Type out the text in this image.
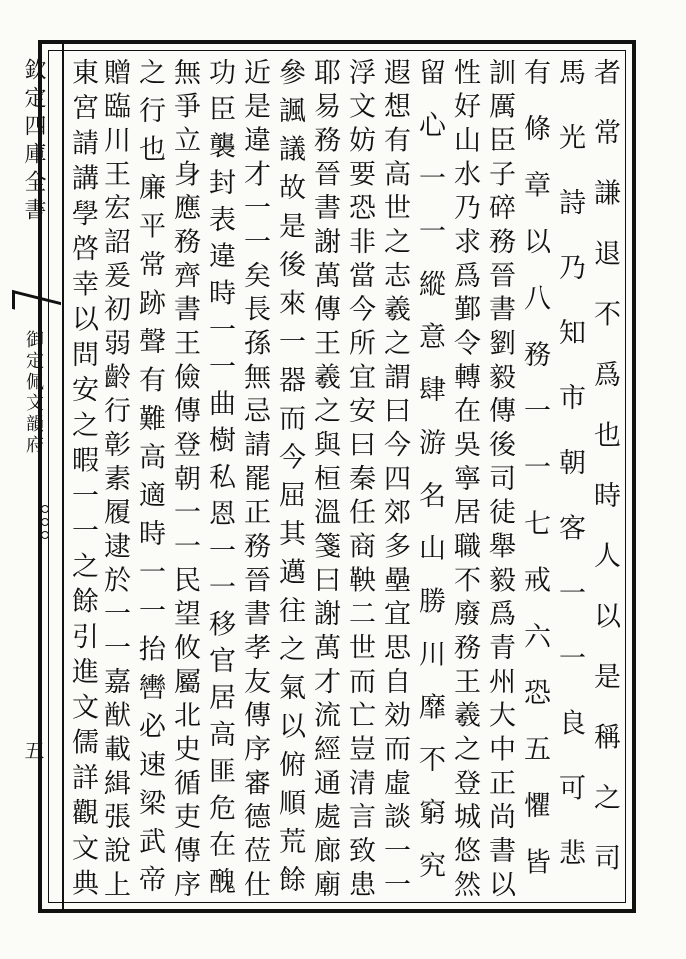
欽定四庫全書
御定佩文韻府
五	者常謙退不爲也時人以是稱之司
馬光詩乃知市朝客一一良可悲
有條章以八務一一七戒六恐五懼皆
訓厲臣子碎務晉書劉毅傳後司徒舉毅爲青州大中正尚書以
性好山水乃求爲鄞令轉在吳寧居職不廢務王羲之登城悠然
留心一一縱意肆游名山勝川靡不窮究
遐想有高世之志羲之謂曰今四郊多壘宜思自効而虛談一一
浮文妨要恐非當今所宜安曰秦任商鞅二世而亡豈清言致患
耶易務晉書謝萬傳王羲之與桓溫箋曰謝萬才流經通處廊廟
參諷議故是後來一器而今屈其邁往之氣以俯順荒餘
近是違才一一矣長孫無忌請罷正務晉書孝友傳序審德莅仕
功臣襲封表違時一一曲樹私恩一一移官居高匪危在醜
無爭立身應務齊書王儉傳登朝一一民望攸屬北史循吏傳序
之行也廉平常跡聲有難高適時一一抬轡必速梁武帝
贈臨川王宏詔爰初弱齡行彰素履逮於一一嘉猷載緝張說上
東宮請講學啓幸以問安之暇一一之餘引進文儒詳觀文典
